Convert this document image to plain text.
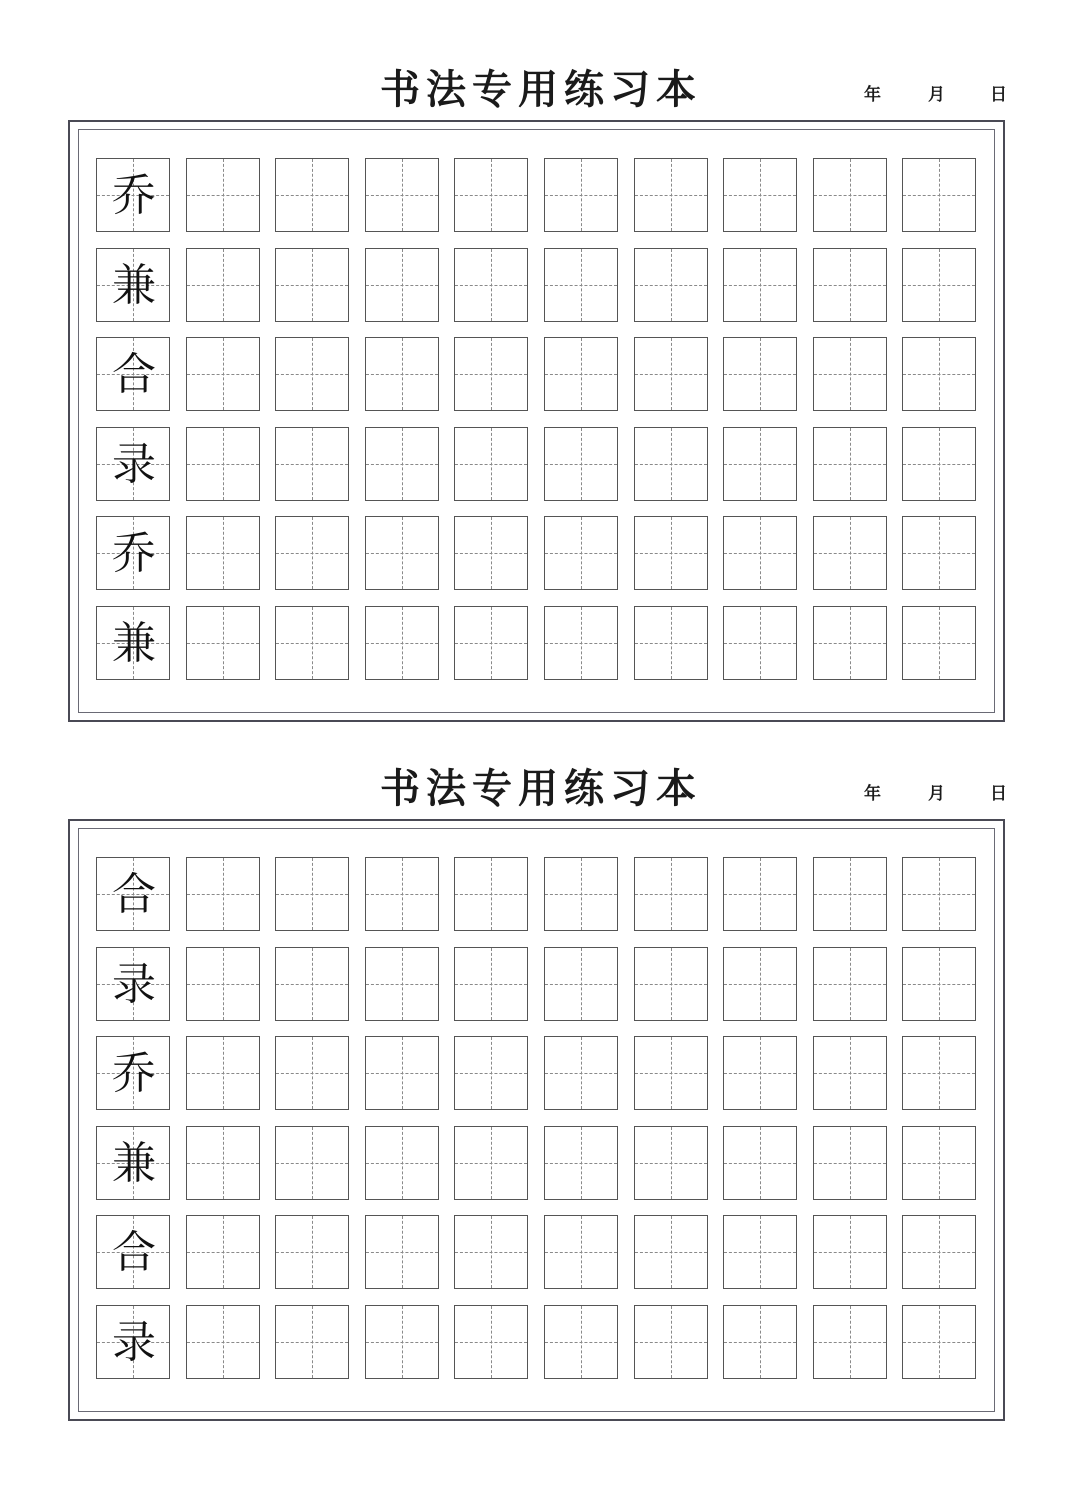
书法专用练习本	年	月	日
乔
兼
合
录
乔
兼
书法专用练习本	年	月	日
合
录
乔
兼
合
录
